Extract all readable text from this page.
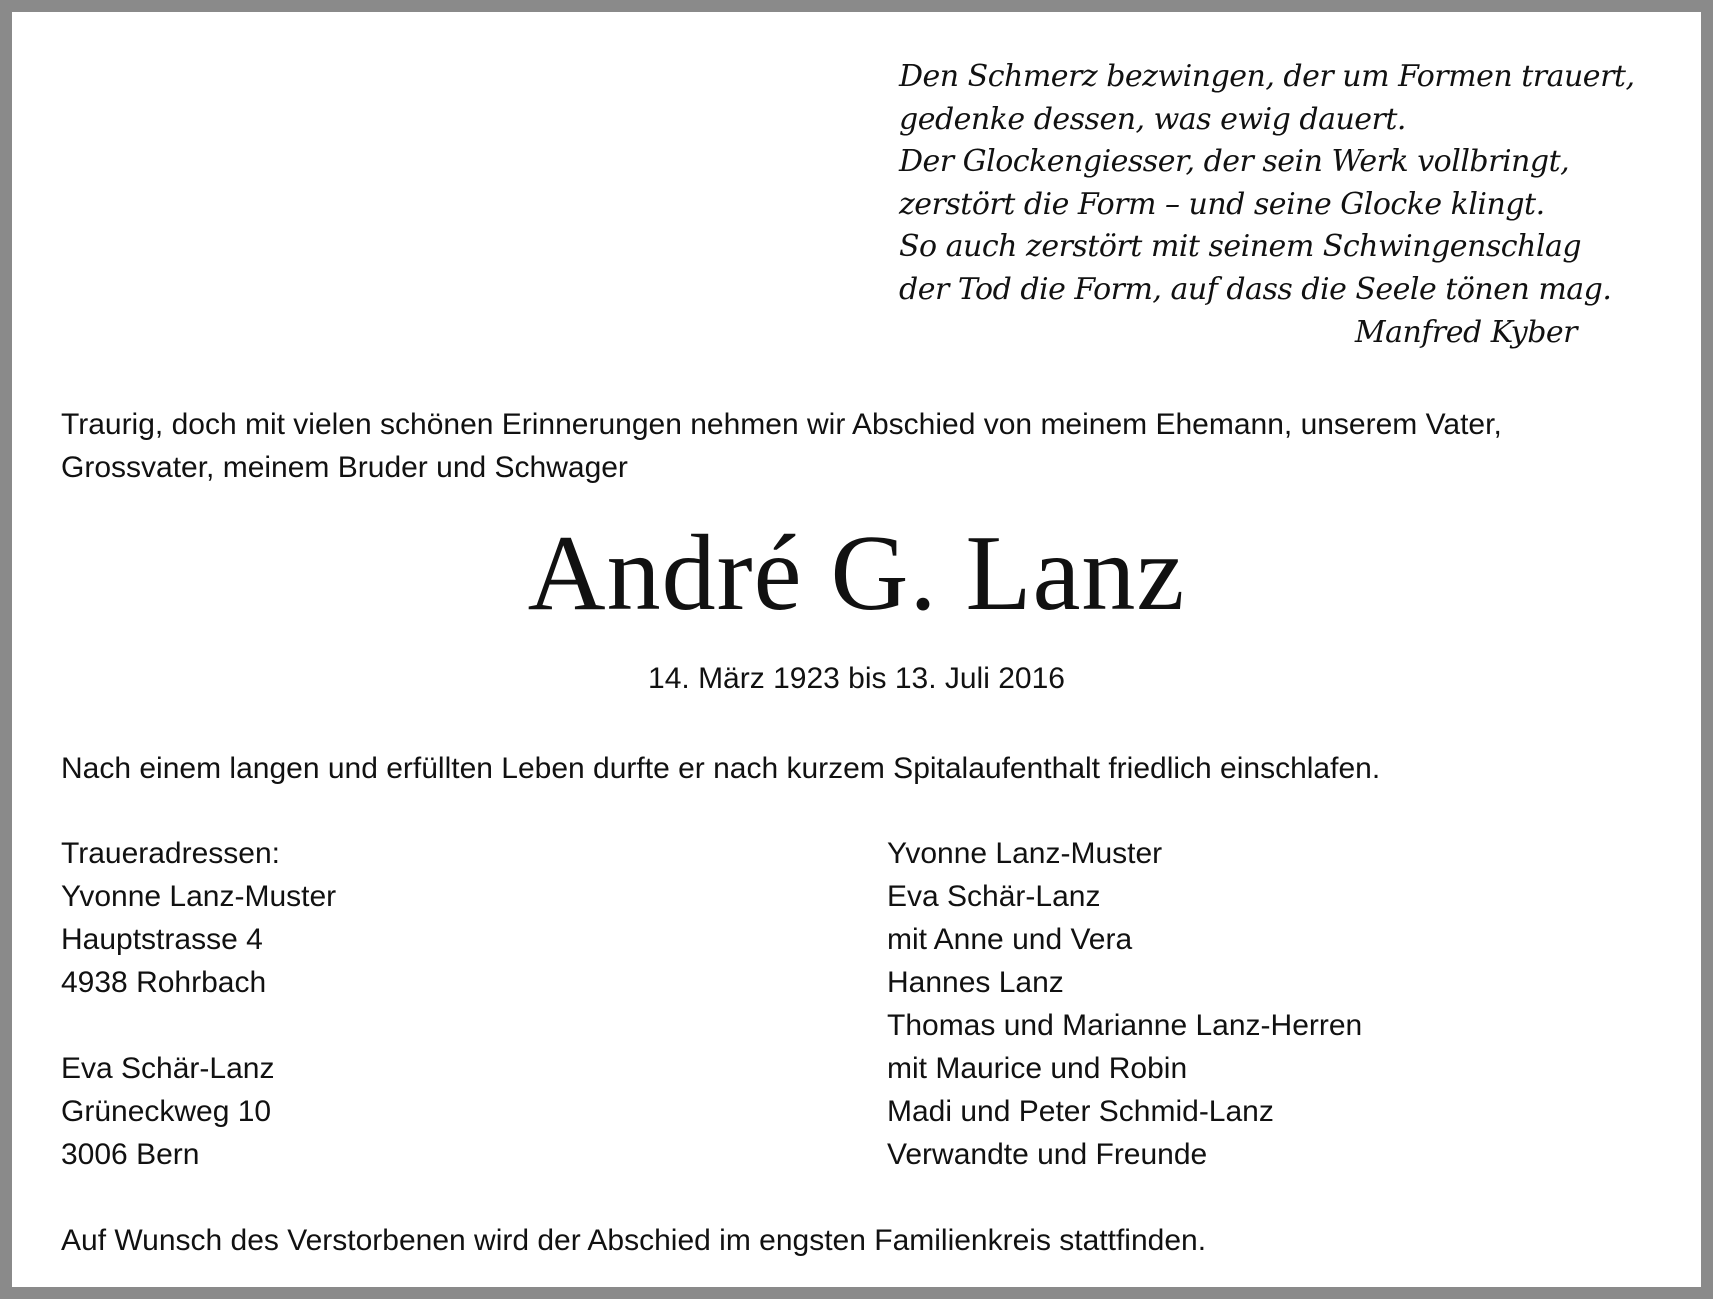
Den Schmerz bezwingen, der um Formen trauert,
gedenke dessen, was ewig dauert.
Der Glockengiesser, der sein Werk vollbringt,
zerstört die Form – und seine Glocke klingt.
So auch zerstört mit seinem Schwingenschlag
der Tod die Form, auf dass die Seele tönen mag.
Manfred Kyber
Traurig, doch mit vielen schönen Erinnerungen nehmen wir Abschied von meinem Ehemann, unserem Vater,
Grossvater, meinem Bruder und Schwager
André G. Lanz
14. März 1923 bis 13. Juli 2016
Nach einem langen und erfüllten Leben durfte er nach kurzem Spitalaufenthalt friedlich einschlafen.
Traueradressen:
Yvonne Lanz-Muster
Hauptstrasse 4
4938 Rohrbach
Eva Schär-Lanz
Grüneckweg 10
3006 Bern
Yvonne Lanz-Muster
Eva Schär-Lanz
mit Anne und Vera
Hannes Lanz
Thomas und Marianne Lanz-Herren
mit Maurice und Robin
Madi und Peter Schmid-Lanz
Verwandte und Freunde
Auf Wunsch des Verstorbenen wird der Abschied im engsten Familienkreis stattfinden.
